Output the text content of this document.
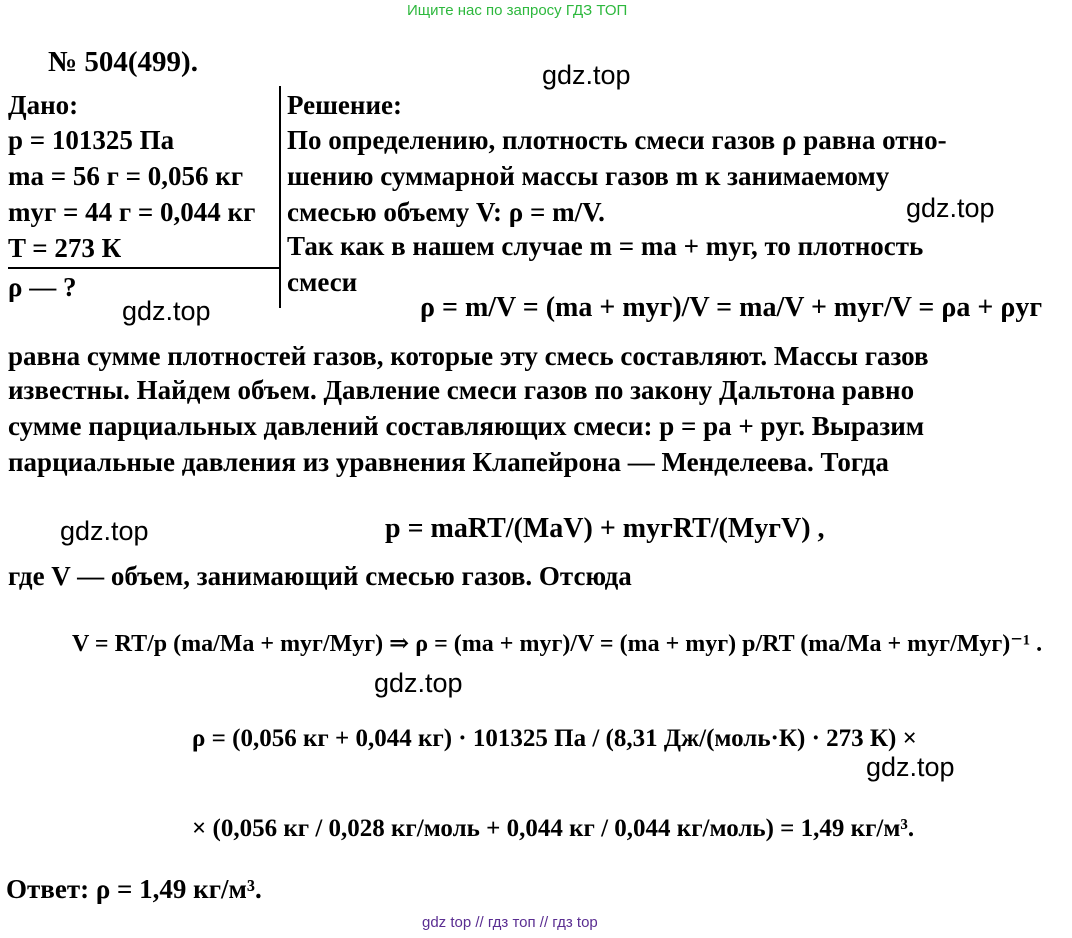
Ищите нас по запросу ГДЗ ТОП
№ 504(499).	gdz.top
gdz.top
gdz.top
gdz.top
gdz.top
gdz.top
Дано:
p = 101325 Па
mа = 56 г = 0,056 кг
mуг = 44 г = 0,044 кг
T = 273 К
ρ — ?
Решение:
По определению, плотность смеси газов ρ равна отно-
шению суммарной массы газов m к занимаемому
смесью объему V: ρ = m/V.
Так как в нашем случае m = mа + mуг, то плотность
смеси
ρ = m/V = (mа + mуг)/V = mа/V + mуг/V = ρа + ρуг
равна сумме плотностей газов, которые эту смесь составляют. Массы газов
известны. Найдем объем. Давление смеси газов по закону Дальтона равно
сумме парциальных давлений составляющих смеси: p = pа + pуг. Выразим
парциальные давления из уравнения Клапейрона — Менделеева. Тогда
p = mаRT/(MаV) + mугRT/(MугV) ,
где V — объем, занимающий смесью газов. Отсюда
V = RT/p (mа/Mа + mуг/Mуг) ⇒ ρ = (mа + mуг)/V = (mа + mуг) p/RT (mа/Mа + mуг/Mуг)⁻¹ .
ρ = (0,056 кг + 0,044 кг) · 101325 Па / (8,31 Дж/(моль·К) · 273 К) ×
× (0,056 кг / 0,028 кг/моль + 0,044 кг / 0,044 кг/моль) = 1,49 кг/м³.
Ответ: ρ = 1,49 кг/м³.
gdz top // гдз топ // гдз top
